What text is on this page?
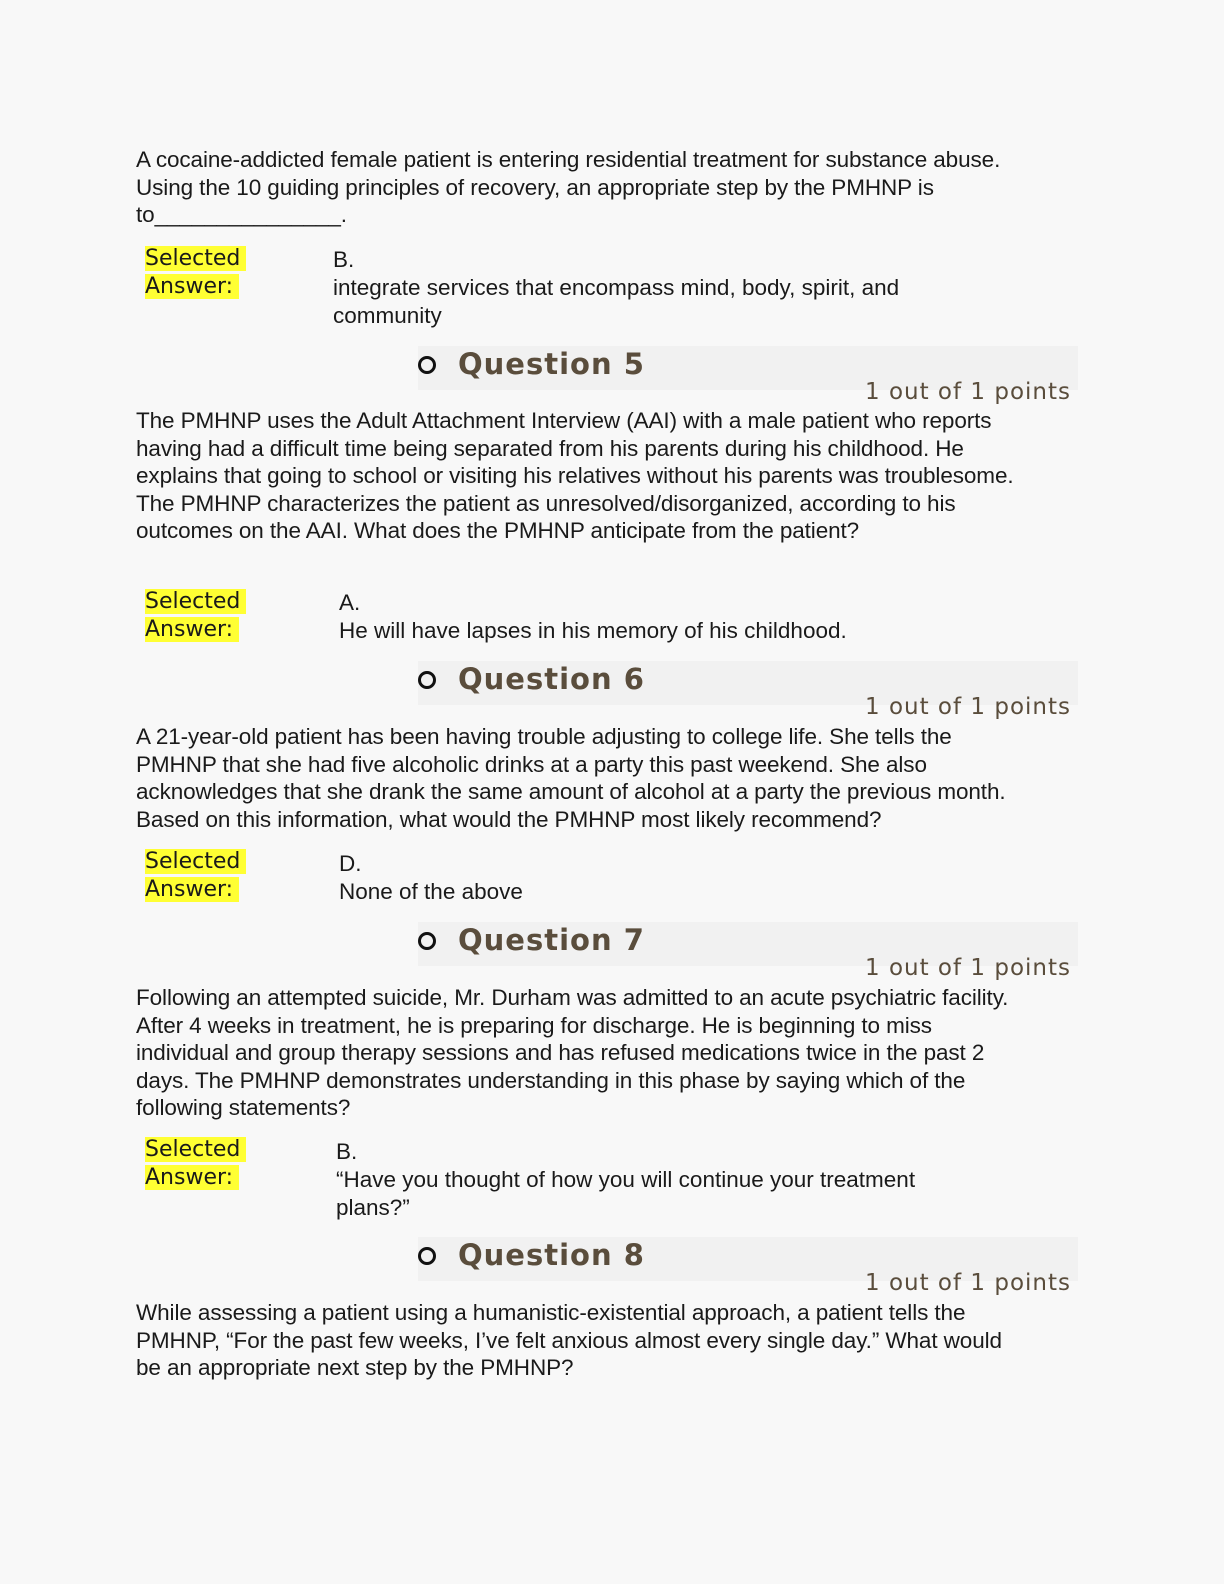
A cocaine-addicted female patient is entering residential treatment for substance abuse. Using the 10 guiding principles of recovery, an appropriate step by the PMHNP is to_______________.
Selected
Answer:
B.
integrate services that encompass mind, body, spirit, and community
Question 5
1 out of 1 points
The PMHNP uses the Adult Attachment Interview (AAI) with a male patient who reports having had a difficult time being separated from his parents during his childhood. He explains that going to school or visiting his relatives without his parents was troublesome. The PMHNP characterizes the patient as unresolved/disorganized, according to his outcomes on the AAI. What does the PMHNP anticipate from the patient?
Selected
Answer:
A.
He will have lapses in his memory of his childhood.
Question 6
1 out of 1 points
A 21-year-old patient has been having trouble adjusting to college life. She tells the PMHNP that she had five alcoholic drinks at a party this past weekend. She also acknowledges that she drank the same amount of alcohol at a party the previous month. Based on this information, what would the PMHNP most likely recommend?
Selected
Answer:
D.
None of the above
Question 7
1 out of 1 points
Following an attempted suicide, Mr. Durham was admitted to an acute psychiatric facility. After 4 weeks in treatment, he is preparing for discharge. He is beginning to miss individual and group therapy sessions and has refused medications twice in the past 2 days. The PMHNP demonstrates understanding in this phase by saying which of the following statements?
Selected
Answer:
B.
“Have you thought of how you will continue your treatment plans?”
Question 8
1 out of 1 points
While assessing a patient using a humanistic-existential approach, a patient tells the PMHNP, “For the past few weeks, I’ve felt anxious almost every single day.” What would be an appropriate next step by the PMHNP?
